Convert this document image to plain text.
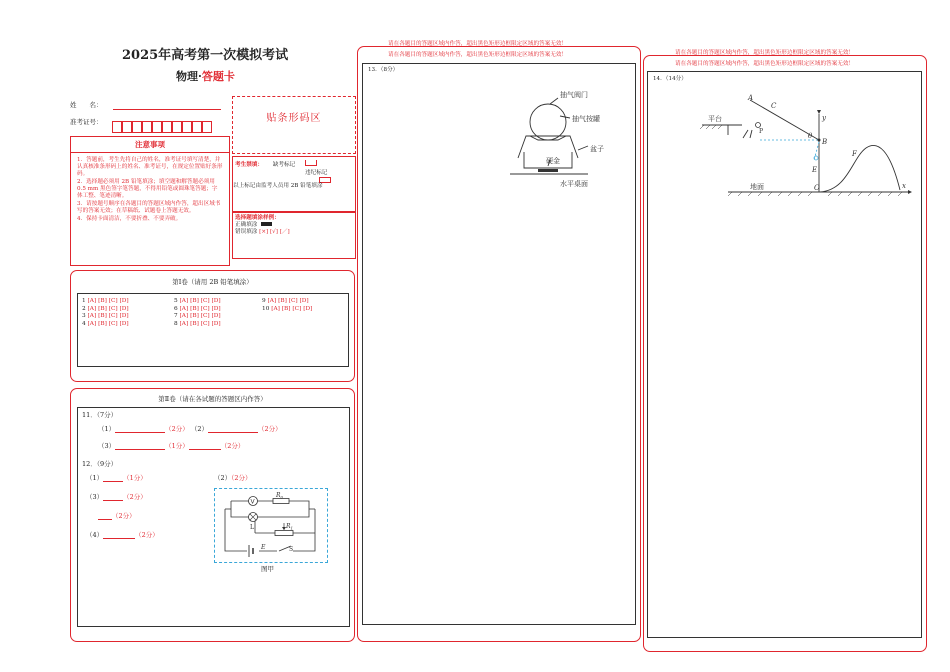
2025年高考第一次模拟考试
物理·答题卡
姓　　名：
准考证号：	贴条形码区
注意事项
1．答题前，考生先将自己的姓名，准考证号填写清楚，并认真核准条形码上的姓名、准考证号，在规定位置贴好条形码。
2．选择题必须用 2B 铅笔填涂；填空题和解答题必须用 0.5 mm 黑色签字笔答题，不得用铅笔或圆珠笔答题；字体工整、笔迹清晰。
3．请按题号顺序在各题目的答题区域内作答，超出区域书写的答案无效；在草稿纸、试题卷上答题无效。
4．保持卡面清洁，不要折叠、不要弄破。
考生禁填： 缺考标记
违纪标记
以上标记由监考人员用 2B 铅笔填涂
选择题填涂样例：
正确填涂
错误填涂 [×] [√] [／]
第Ⅰ卷（请用 2B 铅笔填涂）
1 [A] [B] [C] [D]
2 [A] [B] [C] [D]
3 [A] [B] [C] [D]
4 [A] [B] [C] [D]
5 [A] [B] [C] [D]
6 [A] [B] [C] [D]
7 [A] [B] [C] [D]
8 [A] [B] [C] [D]
9 [A] [B] [C] [D]
10 [A] [B] [C] [D]
第Ⅱ卷（请在各试题的答题区内作答）
11．（7分）
（1）	（2分） （2）	（2分）
（3）	（1分）	（2分）
12．（9分）
（1）	（1分）	（2）（2分）
（3）	（2分）
（2分）
（4）	（2分）
V
$R_0$
L	$R_1$
E	S
图甲
请在各题目的答题区域内作答，超出黑色矩形边框限定区域的答案无效！
请在各题目的答题区域内作答，超出黑色矩形边框限定区域的答案无效！
13．（8分）
抽气阀门
抽气按罐
盆子
硬金
水平桌面
请在各题目的答题区域内作答，超出黑色矩形边框限定区域的答案无效！
请在各题目的答题区域内作答，超出黑色矩形边框限定区域的答案无效！
14．（14分）
A
C
P
平台	y
θ
B
E
F
O	x
地面
